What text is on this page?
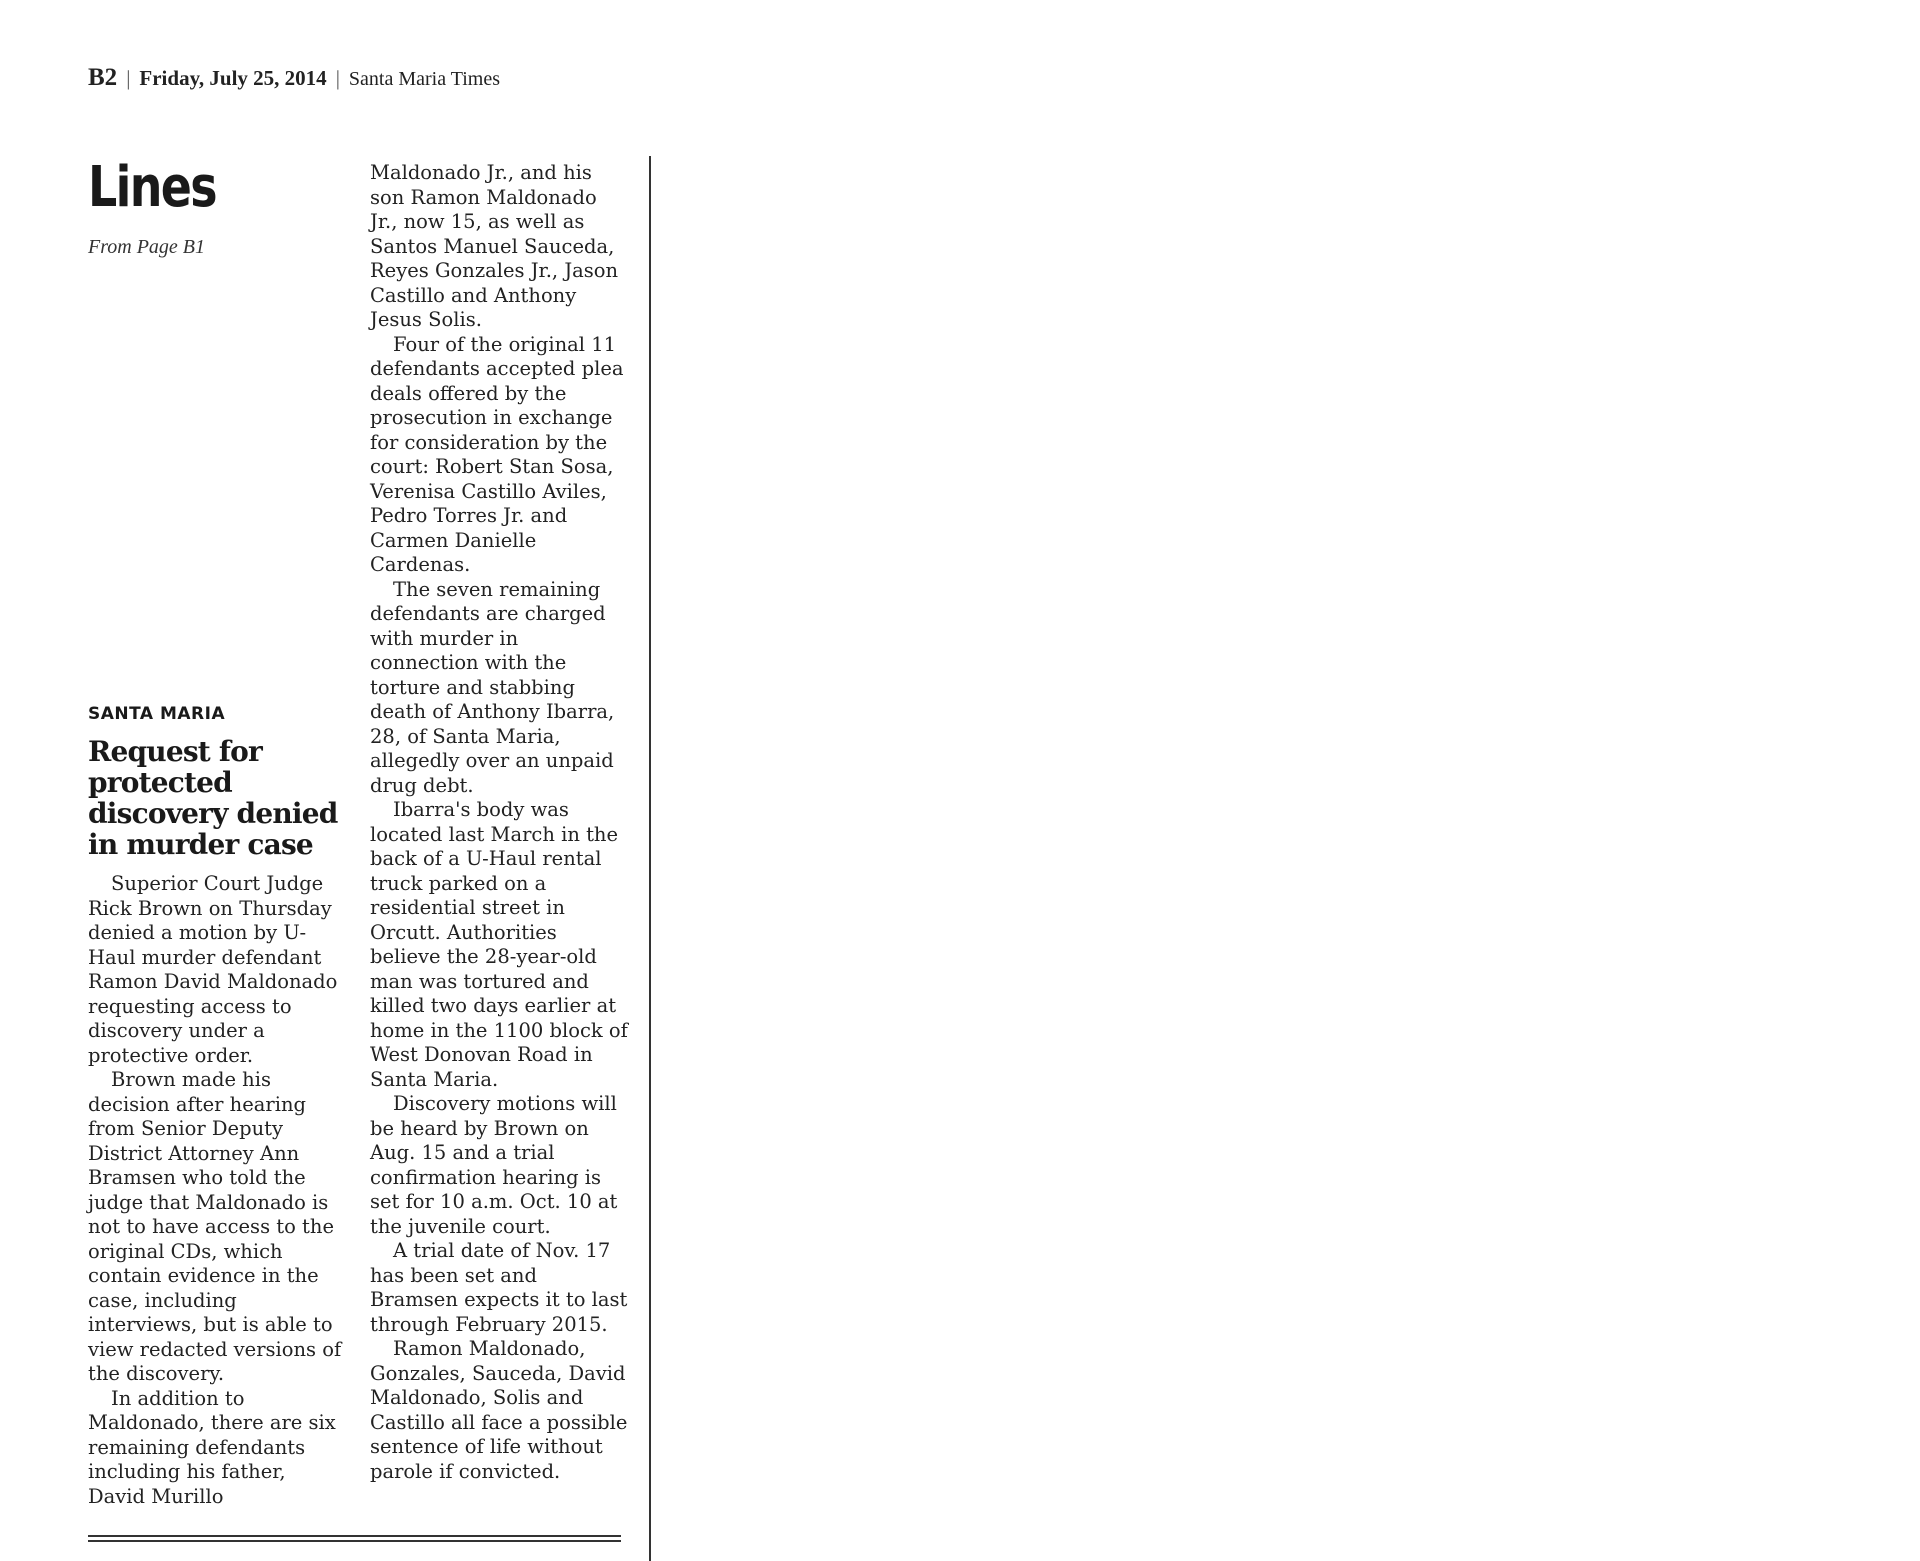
B2 | Friday, July 25, 2014 | Santa Maria Times
Lines
From Page B1
SANTA MARIA
Request for protected discovery denied in murder case

Superior Court Judge Rick Brown on Thursday denied a motion by U-Haul murder defendant Ramon David Maldonado requesting access to discovery under a protective order.

Brown made his decision after hearing from Senior Deputy District Attorney Ann Bramsen who told the judge that Maldonado is not to have access to the original CDs, which contain evidence in the case, including interviews, but is able to view redacted versions of the discovery.

In addition to Maldonado, there are six remaining defendants including his father, David Murillo

Maldonado Jr., and his son Ramon Maldonado Jr., now 15, as well as Santos Manuel Sauceda, Reyes Gonzales Jr., Jason Castillo and Anthony Jesus Solis.

Four of the original 11 defendants accepted plea deals offered by the prosecution in exchange for consideration by the court: Robert Stan Sosa, Verenisa Castillo Aviles, Pedro Torres Jr. and Carmen Danielle Cardenas.

The seven remaining defendants are charged with murder in connection with the torture and stabbing death of Anthony Ibarra, 28, of Santa Maria, allegedly over an unpaid drug debt.

Ibarra's body was located last March in the back of a U-Haul rental truck parked on a residential street in Orcutt. Authorities believe the 28-year-old man was tortured and killed two days earlier at home in the 1100 block of West Donovan Road in Santa Maria.

Discovery motions will be heard by Brown on Aug. 15 and a trial confirmation hearing is set for 10 a.m. Oct. 10 at the juvenile court.

A trial date of Nov. 17 has been set and Bramsen expects it to last through February 2015.

Ramon Maldonado, Gonzales, Sauceda, David Maldonado, Solis and Castillo all face a possible sentence of life without parole if convicted.
